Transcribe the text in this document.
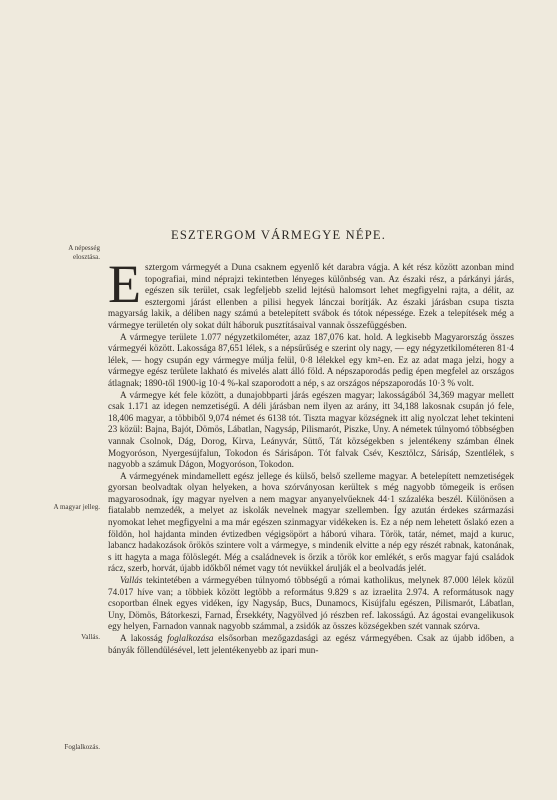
ESZTERGOM VÁRMEGYE NÉPE.
A népesség elosztása.
A magyar jelleg.
Vallás.
Foglalkozás.

Esztergom vármegyét a Duna csaknem egyenlő két darabra vágja. A két rész között azonban mind topografiai, mind néprajzi tekintetben lényeges különbség van. Az északi rész, a párkányi járás, egészen sík terület, csak legfeljebb szelid lejtésü halomsort lehet megfigyelni rajta, a délit, az esztergomi járást ellenben a pilisi hegyek lánczai borítják. Az északi járásban csupa tiszta magyarság lakik, a déliben nagy számú a betelepített svábok és tótok népessége. Ezek a telepítések még a vármegye területén oly sokat dúlt háboruk pusztításaival vannak összefüggésben.

A vármegye területe 1.077 négyzetkilométer, azaz 187,076 kat. hold. A legkisebb Magyarország összes vármegyéi között. Lakossága 87,651 lélek, s a népsűrűség e szerint oly nagy, — egy négyzetkilométeren 81·4 lélek, — hogy csupán egy vármegye múlja felül, 0·8 lélekkel egy km²-en. Ez az adat maga jelzi, hogy a vármegye egész területe lakható és mivelés alatt álló föld. A népszaporodás pedig épen megfelel az országos átlagnak; 1890-től 1900-ig 10·4 %-kal szaporodott a nép, s az országos népszaporodás 10·3 % volt.

A vármegye két fele között, a dunajobbparti járás egészen magyar; lakosságából 34,369 magyar mellett csak 1.171 az idegen nemzetiségű. A déli járásban nem ilyen az arány, itt 34,188 lakosnak csupán jó fele, 18,406 magyar, a többiből 9,074 német és 6138 tót. Tiszta magyar községnek itt alig nyolczat lehet tekinteni 23 közül: Bajna, Bajót, Dömös, Lábatlan, Nagysáp, Pilismarót, Piszke, Uny. A németek túlnyomó többségben vannak Csolnok, Dág, Dorog, Kirva, Leányvár, Süttő, Tát községekben s jelentékeny számban élnek Mogyoróson, Nyergesújfalun, Tokodon és Sárisápon. Tót falvak Csév, Kesztölcz, Sárisáp, Szentlélek, s nagyobb a számuk Dágon, Mogyoróson, Tokodon.

A vármegyének mindamellett egész jellege és külső, belső szelleme magyar. A betelepített nemzetiségek gyorsan beolvadtak olyan helyeken, a hova szórványosan kerültek s még nagyobb tömegeik is erősen magyarosodnak, így magyar nyelven a nem magyar anyanyelvűeknek 44·1 százaléka beszél. Különösen a fiatalabb nemzedék, a melyet az iskolák nevelnek magyar szellemben. Így azután érdekes származási nyomokat lehet megfigyelni a ma már egészen szinmagyar vidékeken is. Ez a nép nem lehetett őslakó ezen a földön, hol hajdanta minden évtizedben végigsöpört a háború vihara. Török, tatár, német, majd a kuruc, labancz hadakozások örökös szintere volt a vármegye, s mindenik elvitte a nép egy részét rabnak, katonának, s itt hagyta a maga fölöslegét. Még a családnevek is őrzik a török kor emlékét, s erős magyar fajú családok rácz, szerb, horvát, újabb időkből német vagy tót nevükkel árulják el a beolvadás jelét.

Vallás tekintetében a vármegyében túlnyomó többségű a római katholikus, melynek 87.000 lélek közül 74.017 híve van; a többiek között legtöbb a református 9.829 s az izraelita 2.974. A reformátusok nagy csoportban élnek egyes vidéken, így Nagysáp, Bucs, Dunamocs, Kisújfalu egészen, Pilismarót, Lábatlan, Uny, Dömös, Bátorkeszi, Farnad, Érsekkéty, Nagyölved jó részben ref. lakosságú. Az ágostai evangelikusok egy helyen, Farnadon vannak nagyobb számmal, a zsidók az összes községekben szét vannak szórva.

A lakosság foglalkozása elsősorban mezőgazdasági az egész vármegyében. Csak az újabb időben, a bányák föllendülésével, lett jelentékenyebb az ipari mun-
